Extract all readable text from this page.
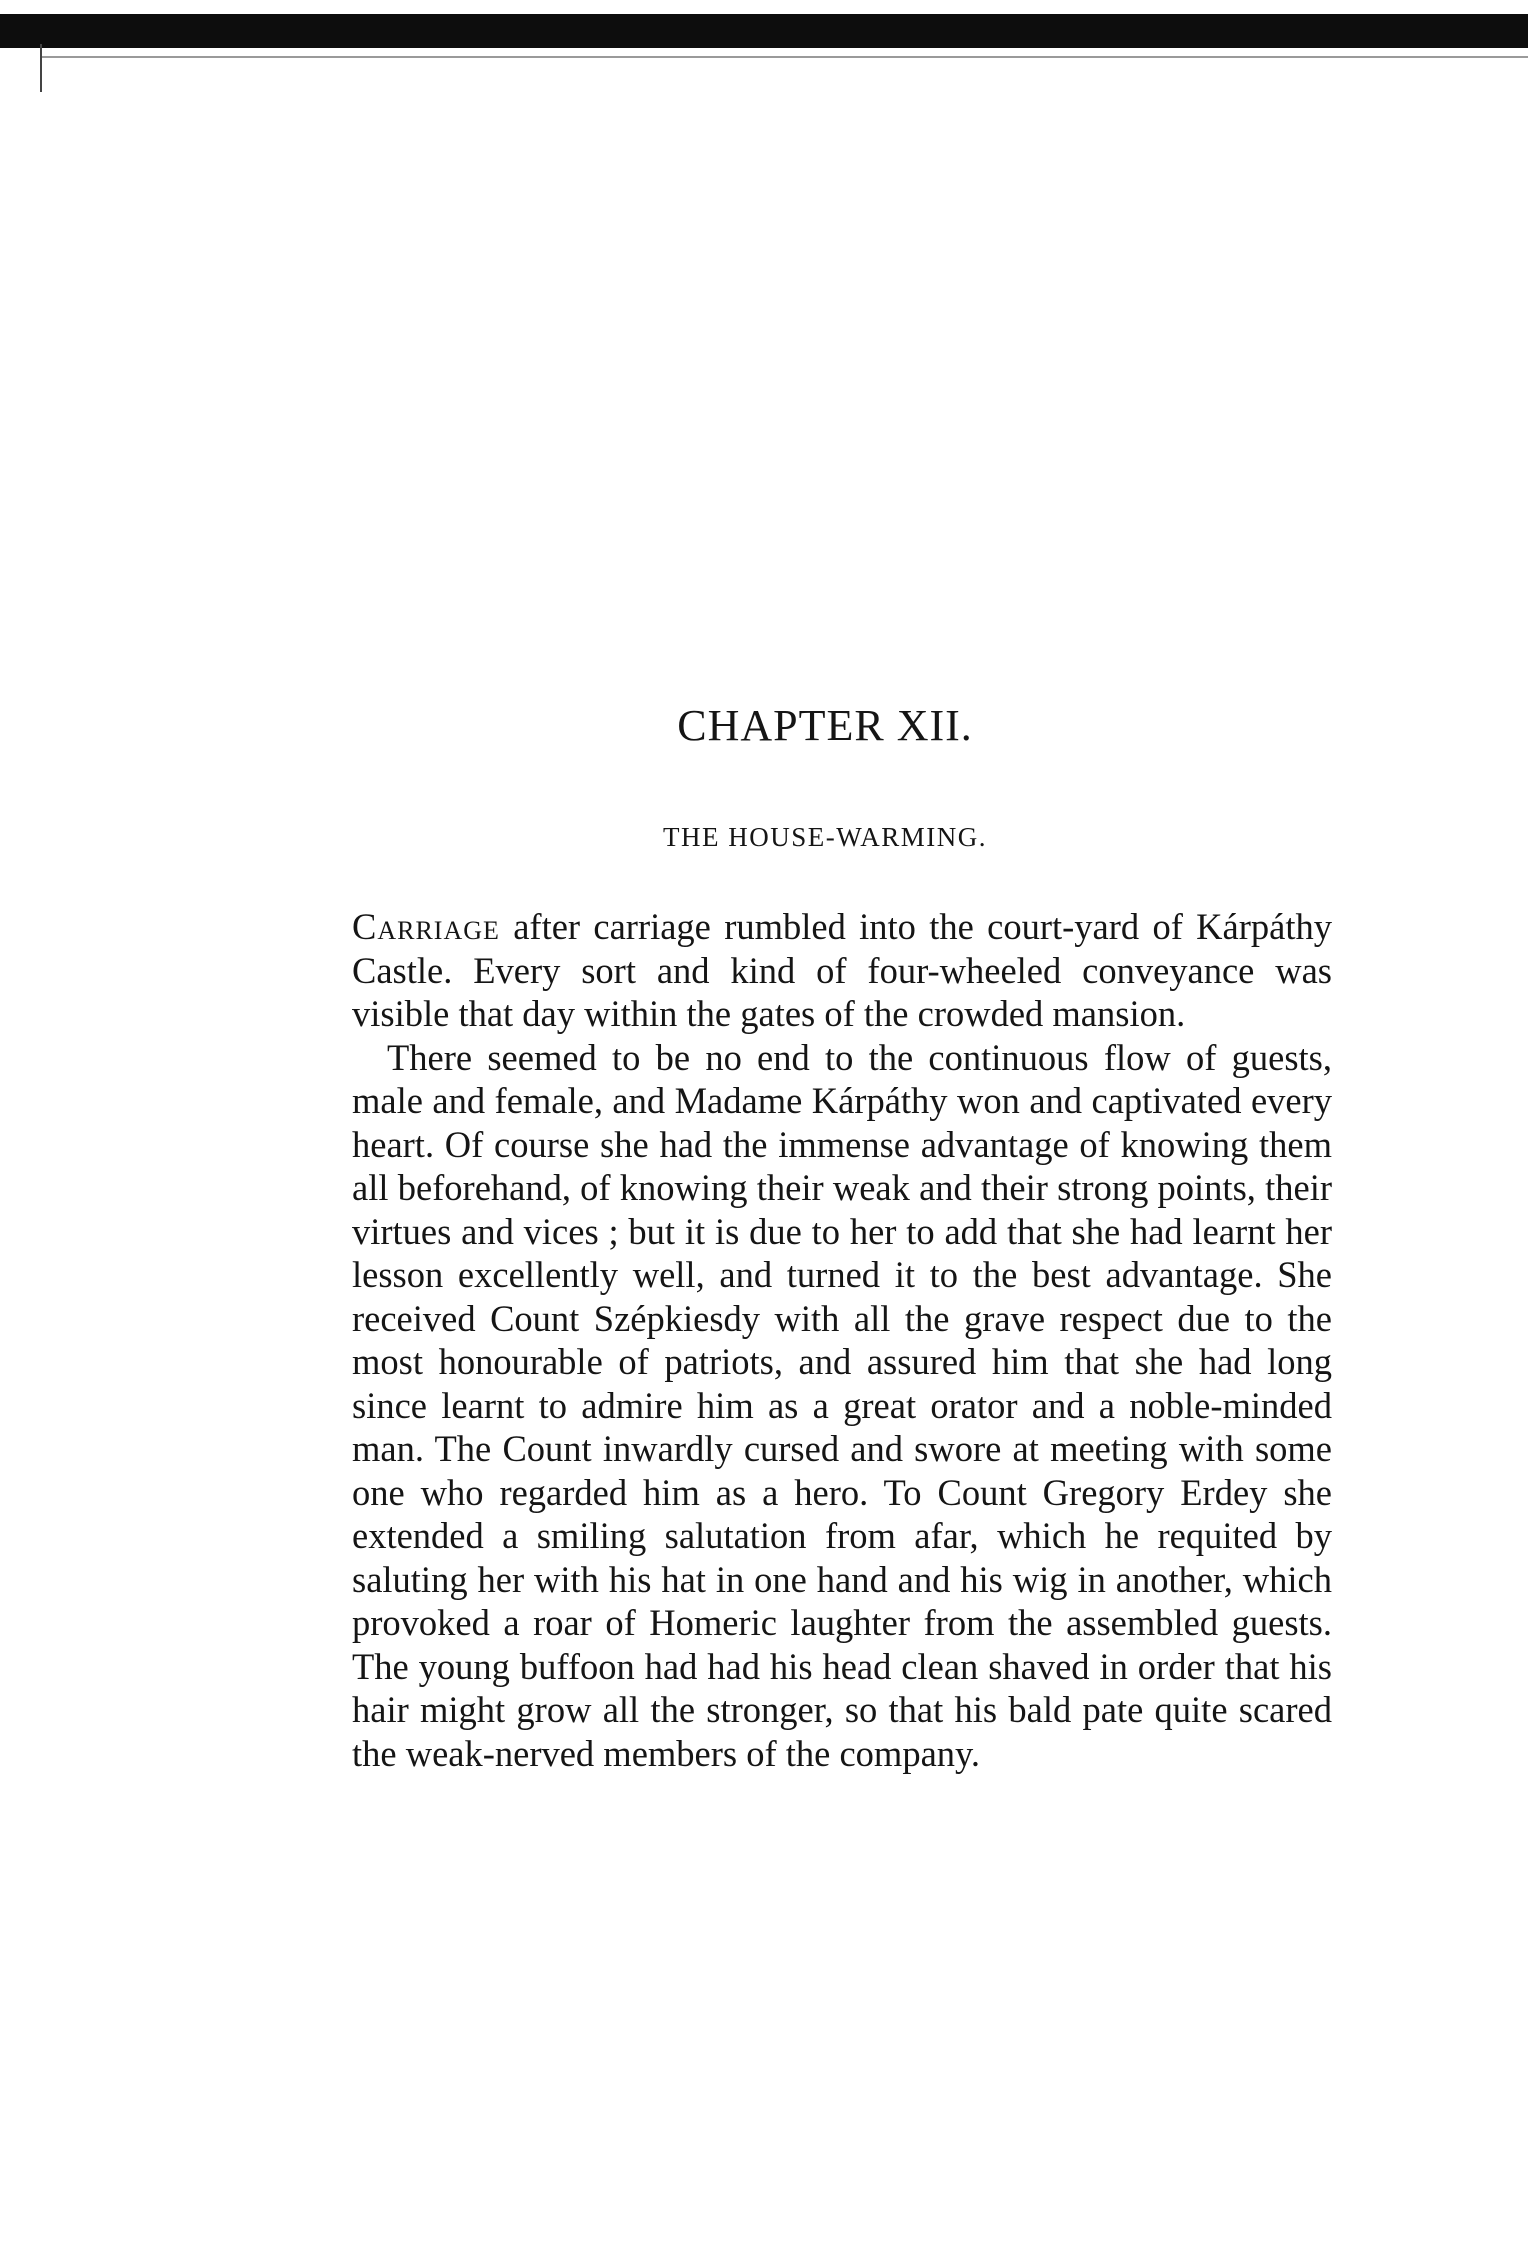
CHAPTER XII.
THE HOUSE-WARMING.

Carriage after carriage rumbled into the court-yard of Kárpáthy Castle. Every sort and kind of four-wheeled conveyance was visible that day within the gates of the crowded mansion.

There seemed to be no end to the continuous flow of guests, male and female, and Madame Kárpáthy won and captivated every heart. Of course she had the immense advantage of knowing them all beforehand, of knowing their weak and their strong points, their virtues and vices ; but it is due to her to add that she had learnt her lesson excellently well, and turned it to the best advantage. She received Count Szépkiesdy with all the grave respect due to the most honourable of patriots, and assured him that she had long since learnt to admire him as a great orator and a noble-minded man. The Count inwardly cursed and swore at meeting with some one who regarded him as a hero. To Count Gregory Erdey she extended a smiling salutation from afar, which he requited by saluting her with his hat in one hand and his wig in another, which provoked a roar of Homeric laughter from the assembled guests. The young buffoon had had his head clean shaved in order that his hair might grow all the stronger, so that his bald pate quite scared the weak-nerved members of the company.
